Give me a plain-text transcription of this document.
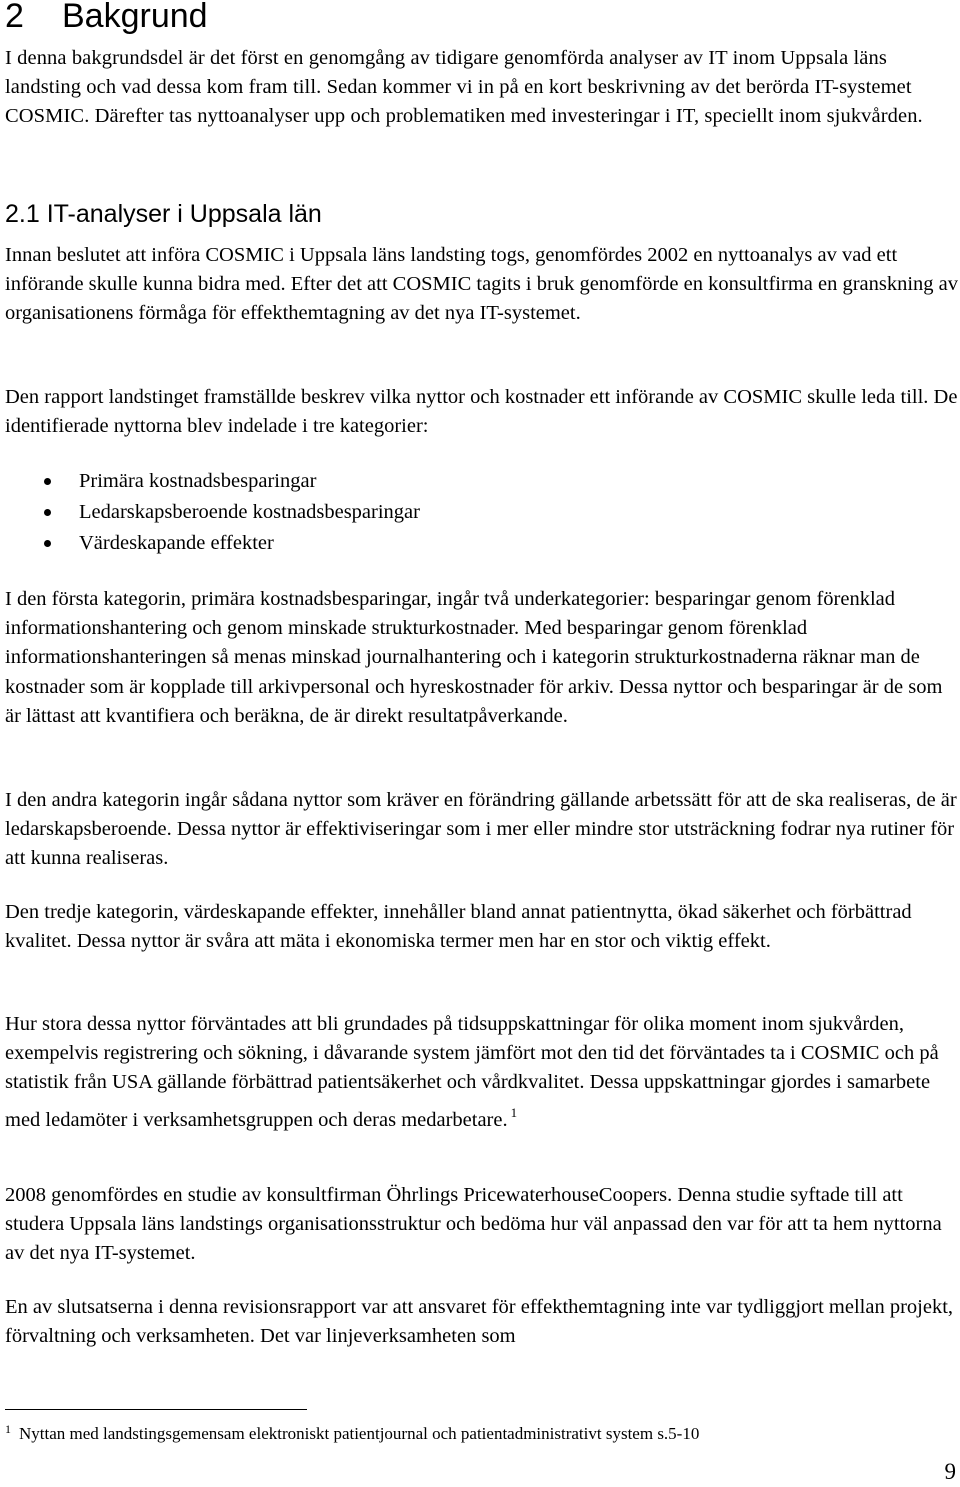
2 Bakgrund

I denna bakgrundsdel är det först en genomgång av tidigare genomförda analyser av IT inom Uppsala läns landsting och vad dessa kom fram till. Sedan kommer vi in på en kort beskrivning av det berörda IT-systemet COSMIC. Därefter tas nyttoanalyser upp och problematiken med investeringar i IT, speciellt inom sjukvården.

2.1 IT-analyser i Uppsala län

Innan beslutet att införa COSMIC i Uppsala läns landsting togs, genomfördes 2002 en nyttoanalys av vad ett införande skulle kunna bidra med. Efter det att COSMIC tagits i bruk genomförde en konsultfirma en granskning av organisationens förmåga för effekthemtagning av det nya IT-systemet.

Den rapport landstinget framställde beskrev vilka nyttor och kostnader ett införande av COSMIC skulle leda till. De identifierade nyttorna blev indelade i tre kategorier:

Primära kostnadsbesparingar
Ledarskapsberoende kostnadsbesparingar
Värdeskapande effekter

I den första kategorin, primära kostnadsbesparingar, ingår två underkategorier: besparingar genom förenklad informationshantering och genom minskade strukturkostnader. Med besparingar genom förenklad informationshanteringen så menas minskad journalhantering och i kategorin strukturkostnaderna räknar man de kostnader som är kopplade till arkivpersonal och hyreskostnader för arkiv. Dessa nyttor och besparingar är de som är lättast att kvantifiera och beräkna, de är direkt resultatpåverkande.

I den andra kategorin ingår sådana nyttor som kräver en förändring gällande arbetssätt för att de ska realiseras, de är ledarskapsberoende. Dessa nyttor är effektiviseringar som i mer eller mindre stor utsträckning fodrar nya rutiner för att kunna realiseras.

Den tredje kategorin, värdeskapande effekter, innehåller bland annat patientnytta, ökad säkerhet och förbättrad kvalitet. Dessa nyttor är svåra att mäta i ekonomiska termer men har en stor och viktig effekt.

Hur stora dessa nyttor förväntades att bli grundades på tidsuppskattningar för olika moment inom sjukvården, exempelvis registrering och sökning, i dåvarande system jämfört mot den tid det förväntades ta i COSMIC och på statistik från USA gällande förbättrad patientsäkerhet och vårdkvalitet. Dessa uppskattningar gjordes i samarbete med ledamöter i verksamhetsgruppen och deras medarbetare. $^1$

2008 genomfördes en studie av konsultfirman Öhrlings PricewaterhouseCoopers. Denna studie syftade till att studera Uppsala läns landstings organisationsstruktur och bedöma hur väl anpassad den var för att ta hem nyttorna av det nya IT-systemet.

En av slutsatserna i denna revisionsrapport var att ansvaret för effekthemtagning inte var tydliggjort mellan projekt, förvaltning och verksamheten. Det var linjeverksamheten som

$^1$ Nyttan med landstingsgemensam elektroniskt patientjournal och patientadministrativt system s.5-10
9
